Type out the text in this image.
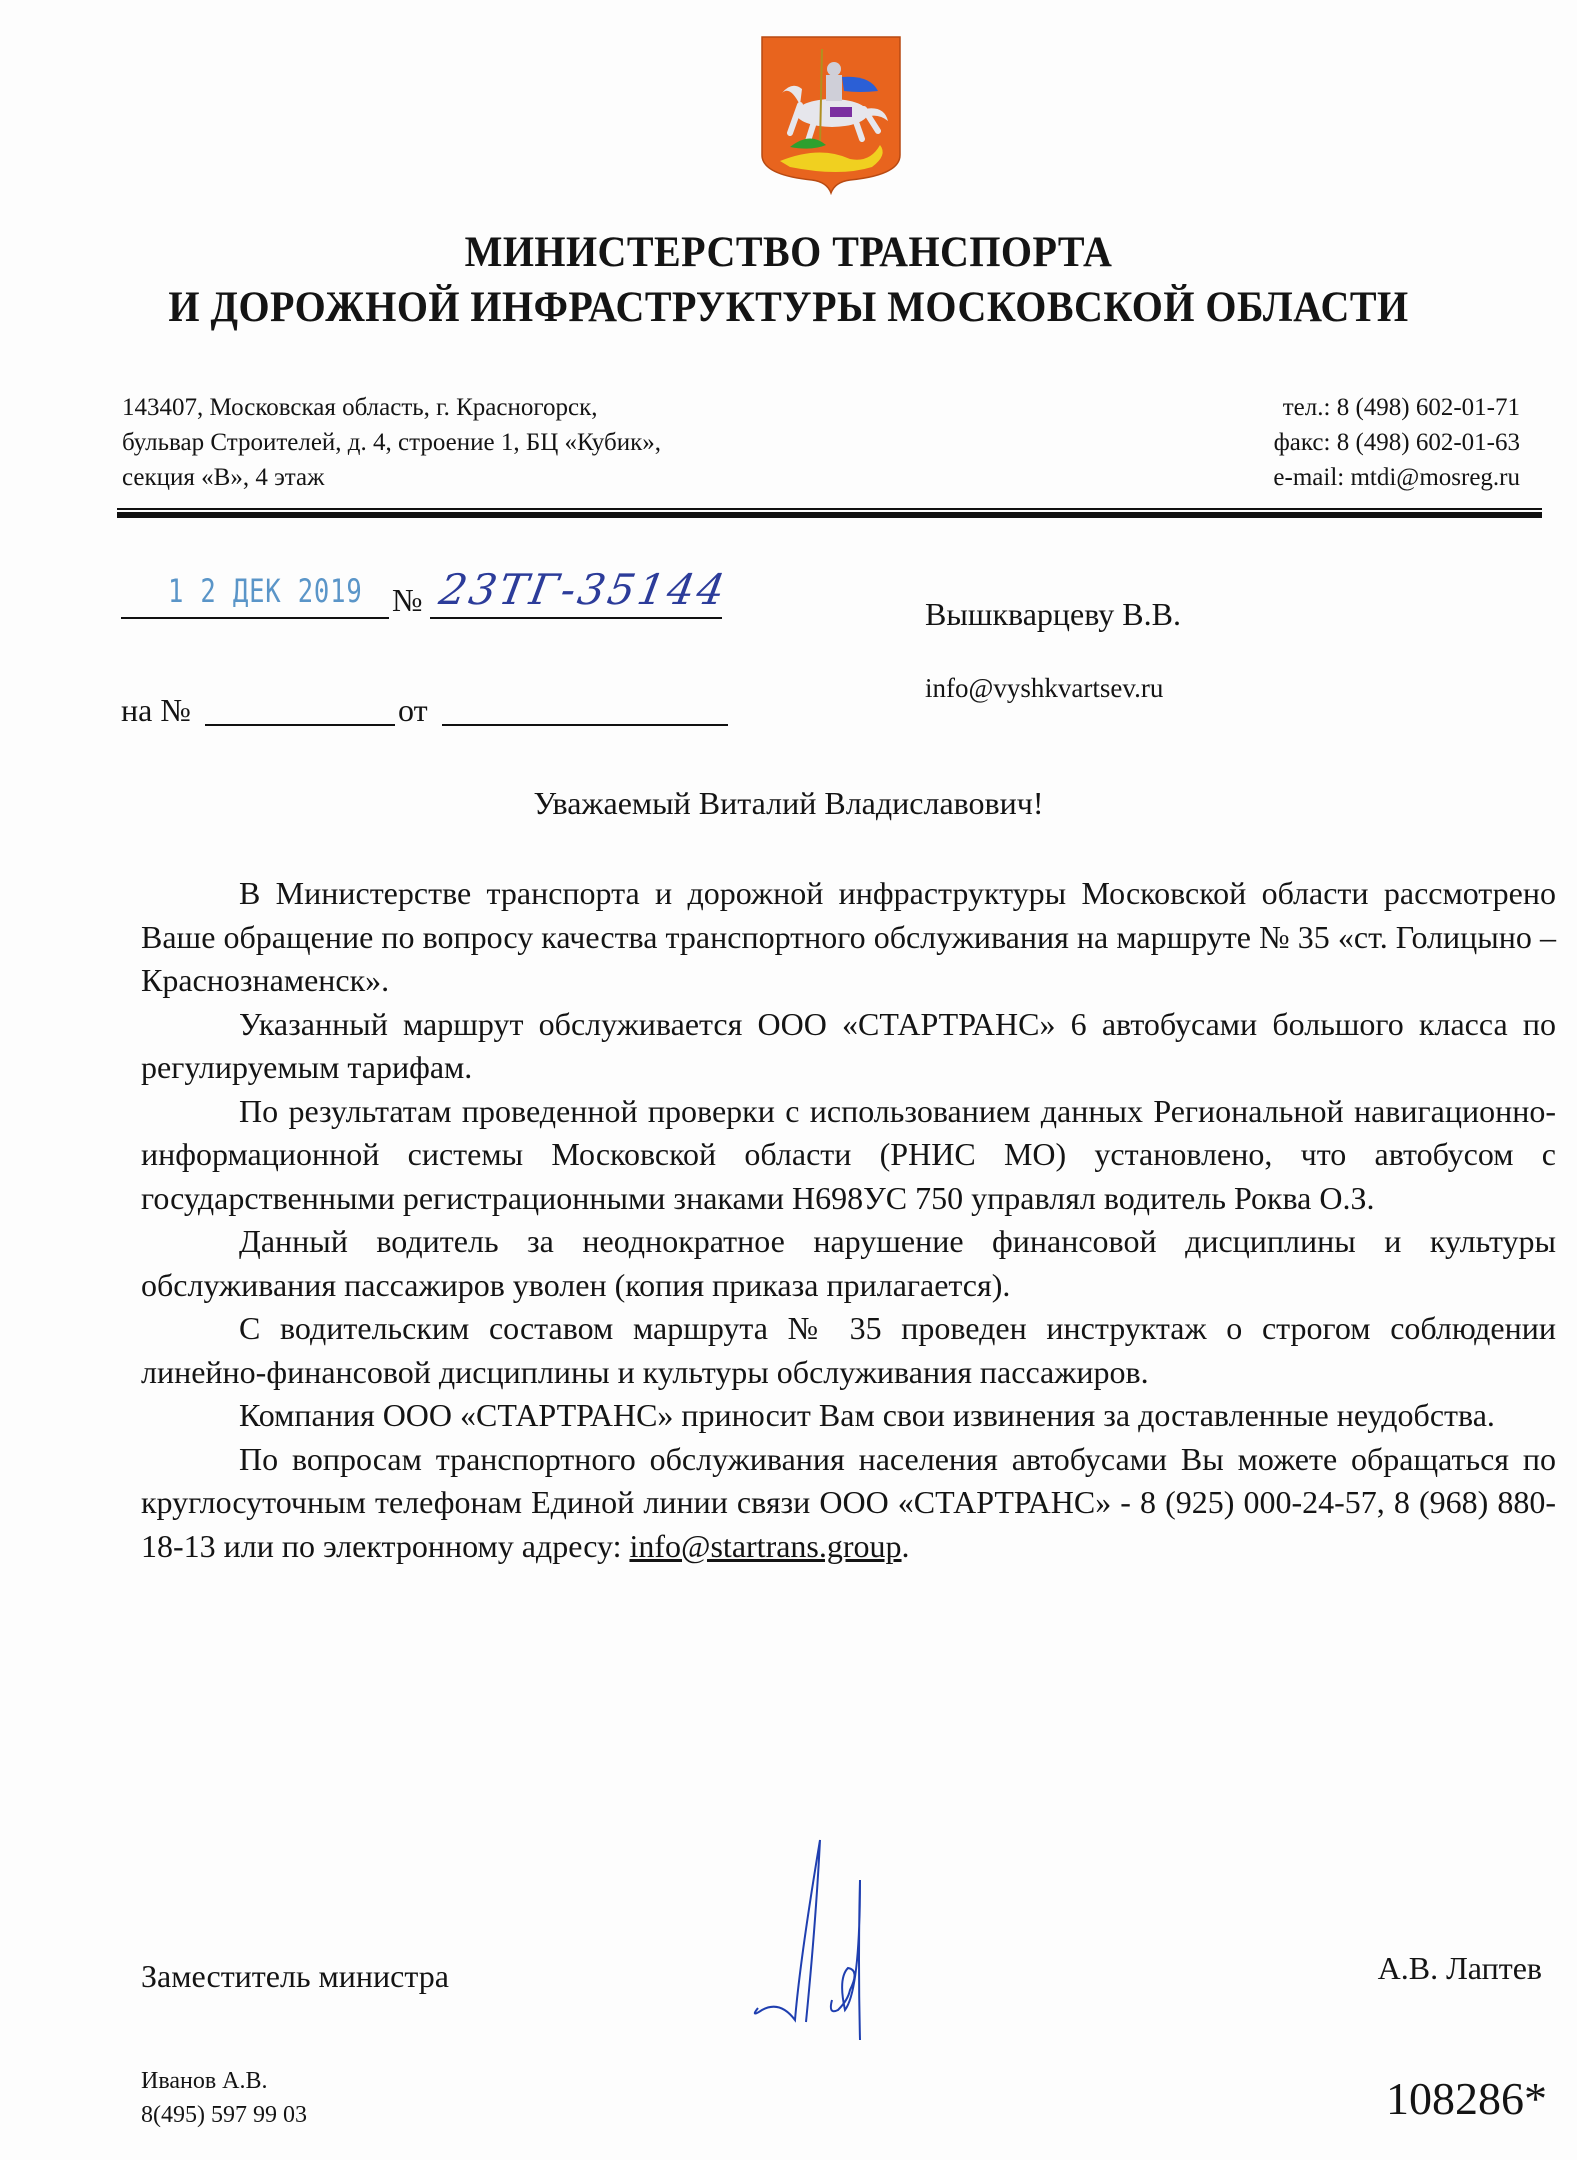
МИНИСТЕРСТВО ТРАНСПОРТА
И ДОРОЖНОЙ ИНФРАСТРУКТУРЫ МОСКОВСКОЙ ОБЛАСТИ
143407, Московская область, г. Красногорск,
бульвар Строителей, д. 4, строение 1, БЦ «Кубик»,
секция «В», 4 этаж
тел.: 8 (498) 602-01-71
факс: 8 (498) 602-01-63
e-mail: mtdi@mosreg.ru
1 2 ДЕК 2019 № 23ТГ-35144
на №	от
Вышкварцеву В.В.
info@vyshkvartsev.ru
Уважаемый Виталий Владиславович!

В Министерстве транспорта и дорожной инфраструктуры Московской области рассмотрено Ваше обращение по вопросу качества транспортного обслуживания на маршруте № 35 «ст. Голицыно – Краснознаменск».

Указанный маршрут обслуживается ООО «СТАРТРАНС» 6 автобусами большого класса по регулируемым тарифам.

По результатам проведенной проверки с использованием данных Региональной навигационно-информационной системы Московской области (РНИС МО) установлено, что автобусом с государственными регистрационными знаками Н698УС 750 управлял водитель Роква О.З.

Данный водитель за неоднократное нарушение финансовой дисциплины и культуры обслуживания пассажиров уволен (копия приказа прилагается).

С водительским составом маршрута № 35 проведен инструктаж о строгом соблюдении линейно-финансовой дисциплины и культуры обслуживания пассажиров.

Компания ООО «СТАРТРАНС» приносит Вам свои извинения за доставленные неудобства.

По вопросам транспортного обслуживания населения автобусами Вы можете обращаться по круглосуточным телефонам Единой линии связи ООО «СТАРТРАНС» - 8 (925) 000-24-57, 8 (968) 880-18-13 или по электронному адресу: info@startrans.group.

Заместитель министра	А.В. Лаптев
Иванов А.В.
8(495) 597 99 03	108286*
